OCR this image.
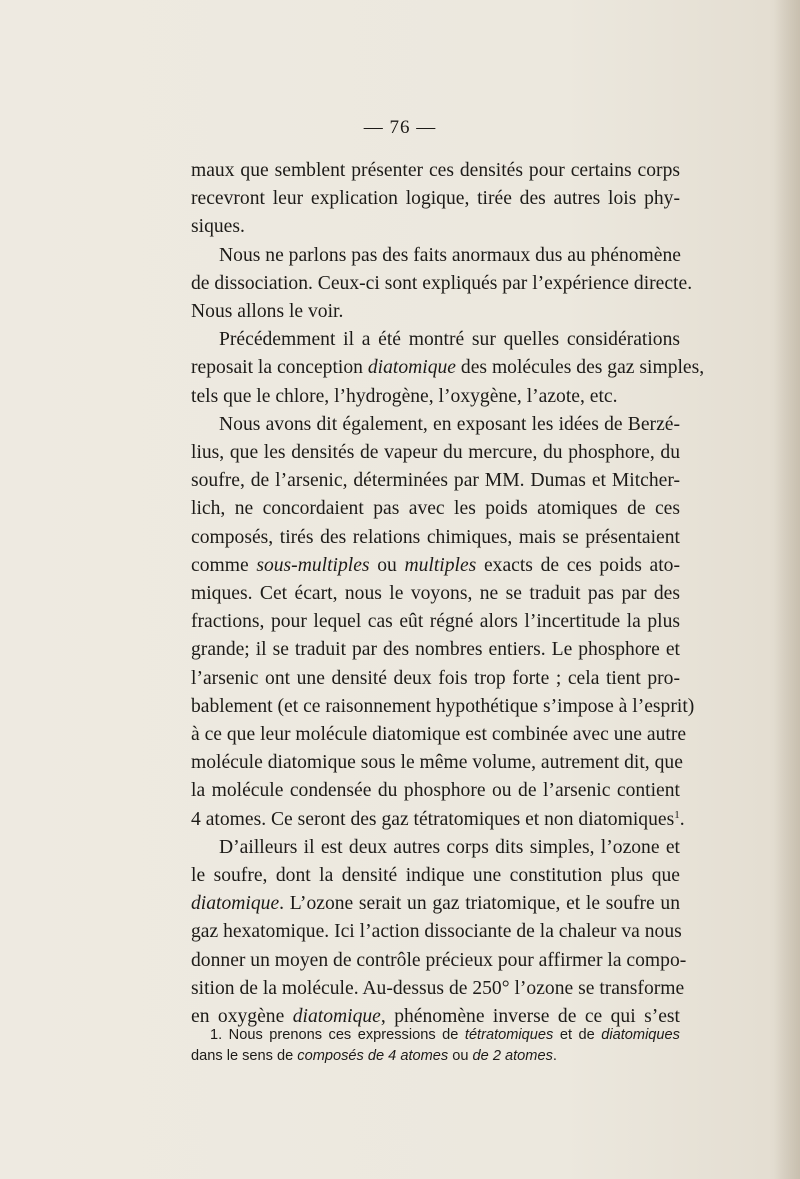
— 76 —
maux que semblent présenter ces densités pour certains corps
recevront leur explication logique, tirée des autres lois phy-
siques.
Nous ne parlons pas des faits anormaux dus au phénomène
de dissociation. Ceux-ci sont expliqués par l’expérience directe.
Nous allons le voir.
Précédemment il a été montré sur quelles considérations
reposait la conception diatomique des molécules des gaz simples,
tels que le chlore, l’hydrogène, l’oxygène, l’azote, etc.
Nous avons dit également, en exposant les idées de Berzé-
lius, que les densités de vapeur du mercure, du phosphore, du
soufre, de l’arsenic, déterminées par MM. Dumas et Mitcher-
lich, ne concordaient pas avec les poids atomiques de ces
composés, tirés des relations chimiques, mais se présentaient
comme sous-multiples ou multiples exacts de ces poids ato-
miques. Cet écart, nous le voyons, ne se traduit pas par des
fractions, pour lequel cas eût régné alors l’incertitude la plus
grande; il se traduit par des nombres entiers. Le phosphore et
l’arsenic ont une densité deux fois trop forte ; cela tient pro-
bablement (et ce raisonnement hypothétique s’impose à l’esprit)
à ce que leur molécule diatomique est combinée avec une autre
molécule diatomique sous le même volume, autrement dit, que
la molécule condensée du phosphore ou de l’arsenic contient
4 atomes. Ce seront des gaz tétratomiques et non diatomiques$^1$.
D’ailleurs il est deux autres corps dits simples, l’ozone et
le soufre, dont la densité indique une constitution plus que
diatomique. L’ozone serait un gaz triatomique, et le soufre un
gaz hexatomique. Ici l’action dissociante de la chaleur va nous
donner un moyen de contrôle précieux pour affirmer la compo-
sition de la molécule. Au-dessus de 250° l’ozone se transforme
en oxygène diatomique, phénomène inverse de ce qui s’est
1. Nous prenons ces expressions de tétratomiques et de diatomiques
dans le sens de composés de 4 atomes ou de 2 atomes.
